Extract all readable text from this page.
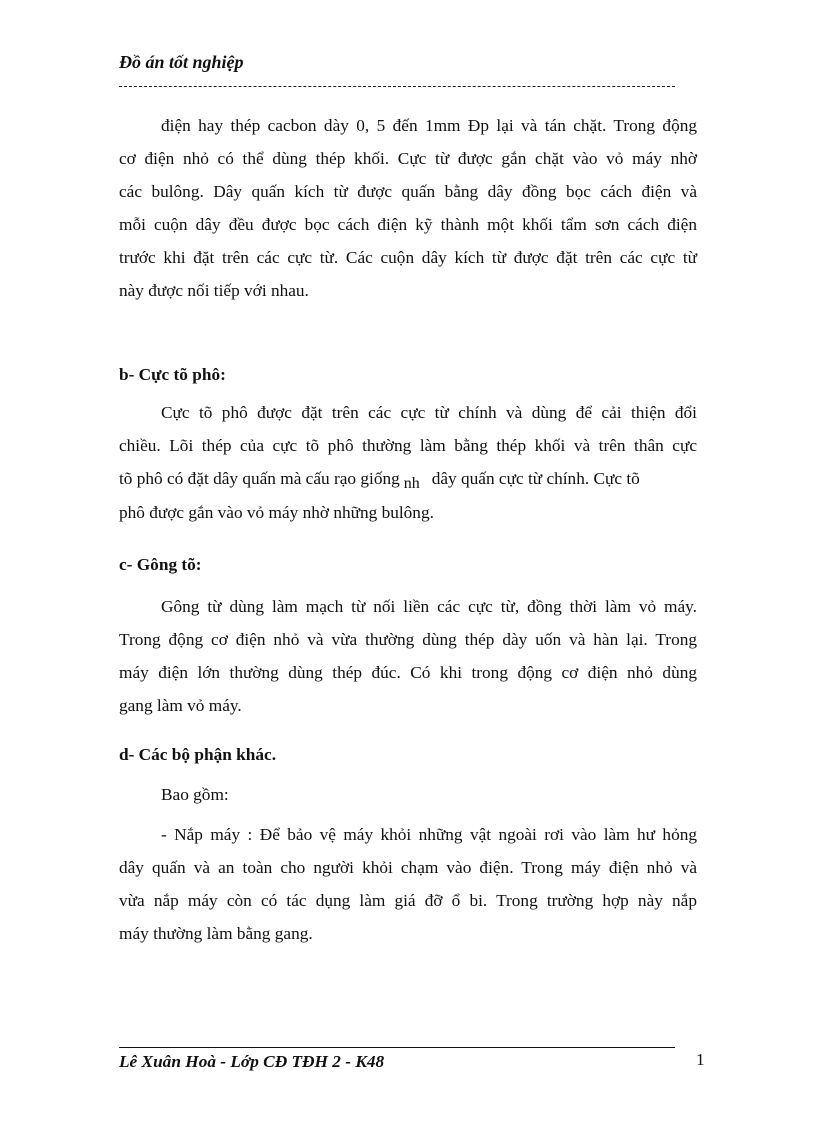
Đồ án tốt nghiệp

điện hay thép cacbon dày 0, 5 đến 1mm Đp lại và tán chặt. Trong động
cơ điện nhỏ có thể dùng thép khối. Cực từ được gắn chặt vào vỏ máy nhờ
các bulông. Dây quấn kích từ được quấn bằng dây đồng bọc cách điện và
mỗi cuộn dây đều được bọc cách điện kỹ thành một khối tẩm sơn cách điện
trước khi đặt trên các cực từ. Các cuộn dây kích từ được đặt trên các cực từ
này được nối tiếp với nhau.

b- Cực tõ phô:

Cực tõ phô được đặt trên các cực từ chính và dùng để cải thiện đổi
chiều. Lõi thép của cực tõ phô thường làm bằng thép khối và trên thân cực
tõ phô có đặt dây quấn mà cấu rạo giống nh dây quấn cực từ chính. Cực tõ
phô được gắn vào vỏ máy nhờ những bulông.

c- Gông tõ:

Gông từ dùng làm mạch từ nối liền các cực từ, đồng thời làm vỏ máy.
Trong động cơ điện nhỏ và vừa thường dùng thép dày uốn và hàn lại. Trong
máy điện lớn thường dùng thép đúc. Có khi trong động cơ điện nhỏ dùng
gang làm vỏ máy.

d- Các bộ phận khác.

Bao gồm:

- Nắp máy : Để bảo vệ máy khỏi những vật ngoài rơi vào làm hư hỏng
dây quấn và an toàn cho người khỏi chạm vào điện. Trong máy điện nhỏ và
vừa nắp máy còn có tác dụng làm giá đỡ ổ bi. Trong trường hợp này nắp
máy thường làm bằng gang.

Lê Xuân Hoà - Lớp CĐ TĐH 2 - K48	1
